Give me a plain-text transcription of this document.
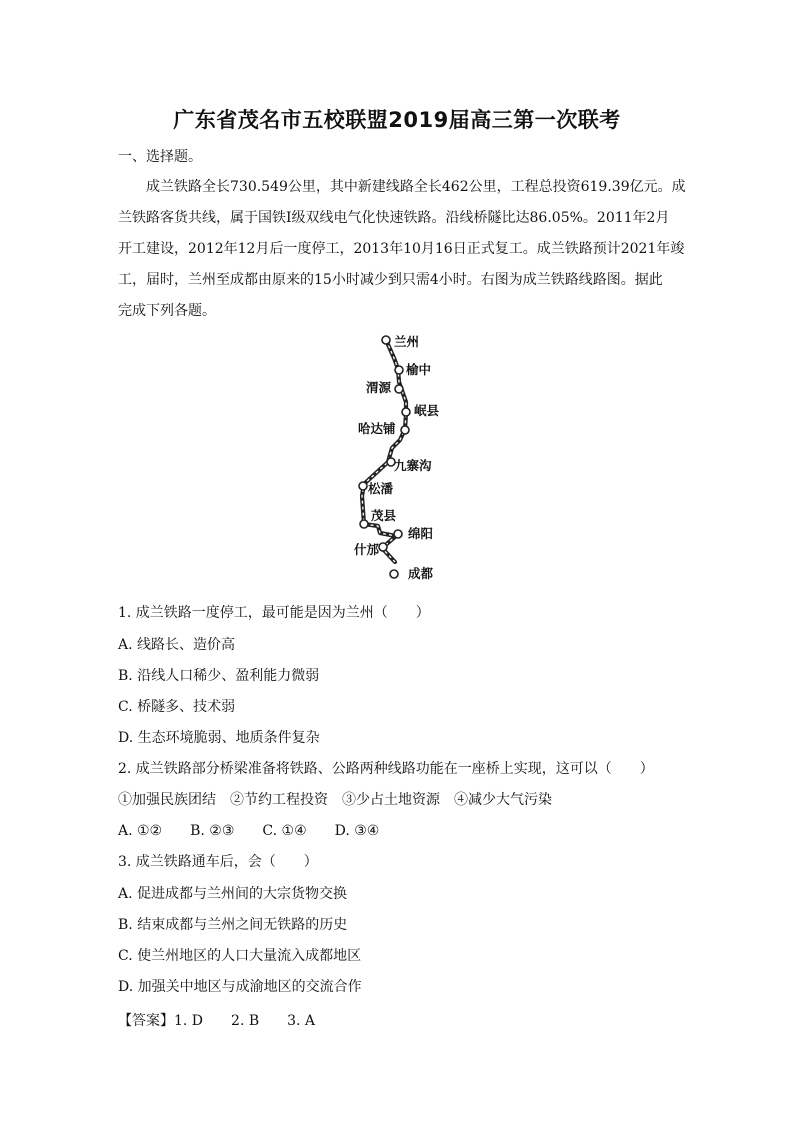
广东省茂名市五校联盟2019届高三第一次联考
一、选择题。
成兰铁路全长730.549公里，其中新建线路全长462公里，工程总投资619.39亿元。成
兰铁路客货共线，属于国铁Ⅰ级双线电气化快速铁路。沿线桥隧比达86.05%。2011年2月
开工建设，2012年12月后一度停工，2013年10月16日正式复工。成兰铁路预计2021年竣
工，届时，兰州至成都由原来的15小时减少到只需4小时。右图为成兰铁路线路图。据此
完成下列各题。
兰州
榆中
渭源
岷县
哈达铺
九寨沟
松潘
茂县
绵阳
什邡
成都
1. 成兰铁路一度停工，最可能是因为兰州（　　）
A. 线路长、造价高
B. 沿线人口稀少、盈利能力微弱
C. 桥隧多、技术弱
D. 生态环境脆弱、地质条件复杂
2. 成兰铁路部分桥梁准备将铁路、公路两种线路功能在一座桥上实现，这可以（　　）
①加强民族团结　②节约工程投资　③少占土地资源　④减少大气污染
A. ①②　　B. ②③　　C. ①④　　D. ③④
3. 成兰铁路通车后，会（　　）
A. 促进成都与兰州间的大宗货物交换
B. 结束成都与兰州之间无铁路的历史
C. 使兰州地区的人口大量流入成都地区
D. 加强关中地区与成渝地区的交流合作
【答案】1. D　　2. B　　3. A
